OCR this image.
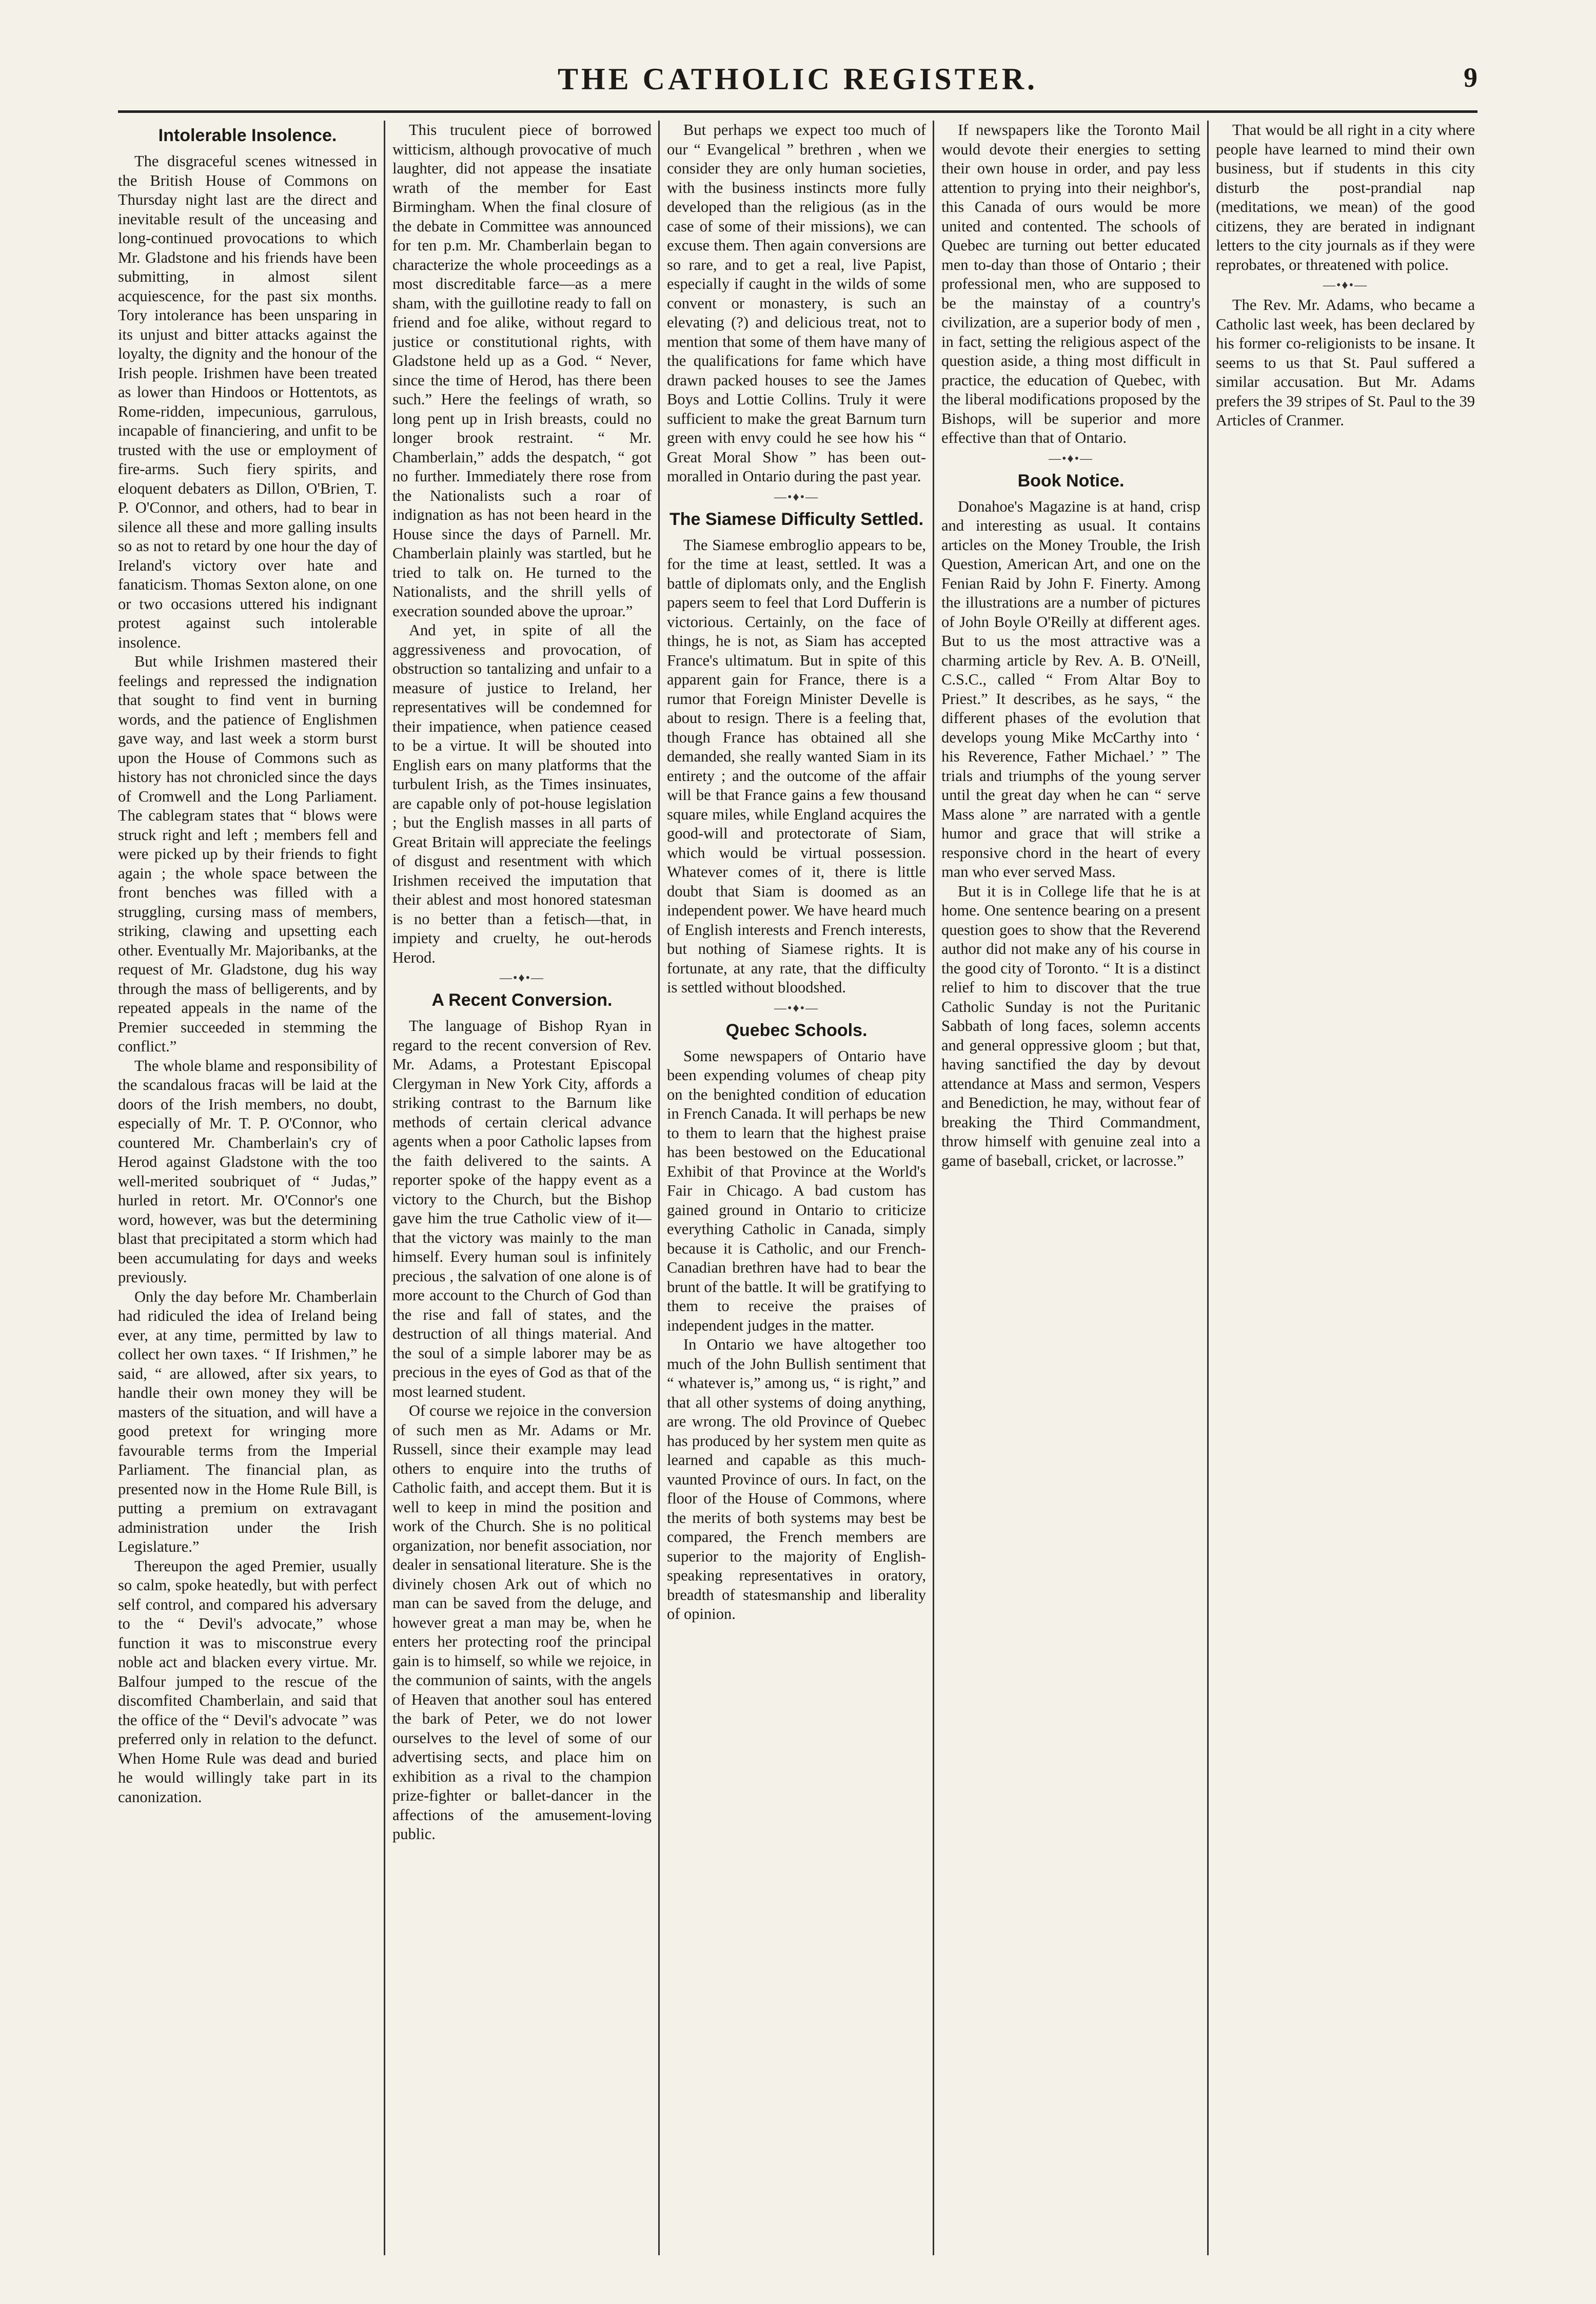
THE CATHOLIC REGISTER.	9
Intolerable Insolence.

The disgraceful scenes witnessed in the British House of Commons on Thursday night last are the direct and inevitable result of the unceasing and long-continued provocations to which Mr. Gladstone and his friends have been submitting, in almost silent acquiescence, for the past six months. Tory intolerance has been unsparing in its unjust and bitter attacks against the loyalty, the dignity and the honour of the Irish people. Irishmen have been treated as lower than Hindoos or Hottentots, as Rome-ridden, impecunious, garrulous, incapable of financiering, and unfit to be trusted with the use or employment of fire-arms. Such fiery spirits, and eloquent debaters as Dillon, O'Brien, T. P. O'Connor, and others, had to bear in silence all these and more galling insults so as not to retard by one hour the day of Ireland's victory over hate and fanaticism. Thomas Sexton alone, on one or two occasions uttered his indignant protest against such intolerable insolence.

But while Irishmen mastered their feelings and repressed the indignation that sought to find vent in burning words, and the patience of Englishmen gave way, and last week a storm burst upon the House of Commons such as history has not chronicled since the days of Cromwell and the Long Parliament. The cablegram states that “ blows were struck right and left ; members fell and were picked up by their friends to fight again ; the whole space between the front benches was filled with a struggling, cursing mass of members, striking, clawing and upsetting each other. Eventually Mr. Majoribanks, at the request of Mr. Gladstone, dug his way through the mass of belligerents, and by repeated appeals in the name of the Premier succeeded in stemming the conflict.”

The whole blame and responsibility of the scandalous fracas will be laid at the doors of the Irish members, no doubt, especially of Mr. T. P. O'Connor, who countered Mr. Chamberlain's cry of Herod against Gladstone with the too well-merited soubriquet of “ Judas,” hurled in retort. Mr. O'Connor's one word, however, was but the determining blast that precipitated a storm which had been accumulating for days and weeks previously.

Only the day before Mr. Chamberlain had ridiculed the idea of Ireland being ever, at any time, permitted by law to collect her own taxes. “ If Irishmen,” he said, “ are allowed, after six years, to handle their own money they will be masters of the situation, and will have a good pretext for wringing more favourable terms from the Imperial Parliament. The financial plan, as presented now in the Home Rule Bill, is putting a premium on extravagant administration under the Irish Legislature.”

Thereupon the aged Premier, usually so calm, spoke heatedly, but with perfect self control, and compared his adversary to the “ Devil's advocate,” whose function it was to misconstrue every noble act and blacken every virtue. Mr. Balfour jumped to the rescue of the discomfited Chamberlain, and said that the office of the “ Devil's advocate ” was preferred only in relation to the defunct. When Home Rule was dead and buried he would willingly take part in its canonization.

This truculent piece of borrowed witticism, although provocative of much laughter, did not appease the insatiate wrath of the member for East Birmingham. When the final closure of the debate in Committee was announced for ten p.m. Mr. Chamberlain began to characterize the whole proceedings as a most discreditable farce—as a mere sham, with the guillotine ready to fall on friend and foe alike, without regard to justice or constitutional rights, with Gladstone held up as a God. “ Never, since the time of Herod, has there been such.” Here the feelings of wrath, so long pent up in Irish breasts, could no longer brook restraint. “ Mr. Chamberlain,” adds the despatch, “ got no further. Immediately there rose from the Nationalists such a roar of indignation as has not been heard in the House since the days of Parnell. Mr. Chamberlain plainly was startled, but he tried to talk on. He turned to the Nationalists, and the shrill yells of execration sounded above the uproar.”

And yet, in spite of all the aggressiveness and provocation, of obstruction so tantalizing and unfair to a measure of justice to Ireland, her representatives will be condemned for their impatience, when patience ceased to be a virtue. It will be shouted into English ears on many platforms that the turbulent Irish, as the Times insinuates, are capable only of pot-house legislation ; but the English masses in all parts of Great Britain will appreciate the feelings of disgust and resentment with which Irishmen received the imputation that their ablest and most honored statesman is no better than a fetisch—that, in impiety and cruelty, he out-herods Herod.

—•♦•—
A Recent Conversion.

The language of Bishop Ryan in regard to the recent conversion of Rev. Mr. Adams, a Protestant Episcopal Clergyman in New York City, affords a striking contrast to the Barnum like methods of certain clerical advance agents when a poor Catholic lapses from the faith delivered to the saints. A reporter spoke of the happy event as a victory to the Church, but the Bishop gave him the true Catholic view of it—that the victory was mainly to the man himself. Every human soul is infinitely precious , the salvation of one alone is of more account to the Church of God than the rise and fall of states, and the destruction of all things material. And the soul of a simple laborer may be as precious in the eyes of God as that of the most learned student.

Of course we rejoice in the conversion of such men as Mr. Adams or Mr. Russell, since their example may lead others to enquire into the truths of Catholic faith, and accept them. But it is well to keep in mind the position and work of the Church. She is no political organization, nor benefit association, nor dealer in sensational literature. She is the divinely chosen Ark out of which no man can be saved from the deluge, and however great a man may be, when he enters her protecting roof the principal gain is to himself, so while we rejoice, in the communion of saints, with the angels of Heaven that another soul has entered the bark of Peter, we do not lower ourselves to the level of some of our advertising sects, and place him on exhibition as a rival to the champion prize-fighter or ballet-dancer in the affections of the amusement-loving public.

But perhaps we expect too much of our “ Evangelical ” brethren , when we consider they are only human societies, with the business instincts more fully developed than the religious (as in the case of some of their missions), we can excuse them. Then again conversions are so rare, and to get a real, live Papist, especially if caught in the wilds of some convent or monastery, is such an elevating (?) and delicious treat, not to mention that some of them have many of the qualifications for fame which have drawn packed houses to see the James Boys and Lottie Collins. Truly it were sufficient to make the great Barnum turn green with envy could he see how his “ Great Moral Show ” has been out-moralled in Ontario during the past year.

—•♦•—
The Siamese Difficulty Settled.

The Siamese embroglio appears to be, for the time at least, settled. It was a battle of diplomats only, and the English papers seem to feel that Lord Dufferin is victorious. Certainly, on the face of things, he is not, as Siam has accepted France's ultimatum. But in spite of this apparent gain for France, there is a rumor that Foreign Minister Develle is about to resign. There is a feeling that, though France has obtained all she demanded, she really wanted Siam in its entirety ; and the outcome of the affair will be that France gains a few thousand square miles, while England acquires the good-will and protectorate of Siam, which would be virtual possession. Whatever comes of it, there is little doubt that Siam is doomed as an independent power. We have heard much of English interests and French interests, but nothing of Siamese rights. It is fortunate, at any rate, that the difficulty is settled without bloodshed.

—•♦•—
Quebec Schools.

Some newspapers of Ontario have been expending volumes of cheap pity on the benighted condition of education in French Canada. It will perhaps be new to them to learn that the highest praise has been bestowed on the Educational Exhibit of that Province at the World's Fair in Chicago. A bad custom has gained ground in Ontario to criticize everything Catholic in Canada, simply because it is Catholic, and our French-Canadian brethren have had to bear the brunt of the battle. It will be gratifying to them to receive the praises of independent judges in the matter.

In Ontario we have altogether too much of the John Bullish sentiment that “ whatever is,” among us, “ is right,” and that all other systems of doing anything, are wrong. The old Province of Quebec has produced by her system men quite as learned and capable as this much-vaunted Province of ours. In fact, on the floor of the House of Commons, where the merits of both systems may best be compared, the French members are superior to the majority of English-speaking representatives in oratory, breadth of statesmanship and liberality of opinion.

If newspapers like the Toronto Mail would devote their energies to setting their own house in order, and pay less attention to prying into their neighbor's, this Canada of ours would be more united and contented. The schools of Quebec are turning out better educated men to-day than those of Ontario ; their professional men, who are supposed to be the mainstay of a country's civilization, are a superior body of men , in fact, setting the religious aspect of the question aside, a thing most difficult in practice, the education of Quebec, with the liberal modifications proposed by the Bishops, will be superior and more effective than that of Ontario.

—•♦•—
Book Notice.

Donahoe's Magazine is at hand, crisp and interesting as usual. It contains articles on the Money Trouble, the Irish Question, American Art, and one on the Fenian Raid by John F. Finerty. Among the illustrations are a number of pictures of John Boyle O'Reilly at different ages. But to us the most attractive was a charming article by Rev. A. B. O'Neill, C.S.C., called “ From Altar Boy to Priest.” It describes, as he says, “ the different phases of the evolution that develops young Mike McCarthy into ‘ his Reverence, Father Michael.’ ” The trials and triumphs of the young server until the great day when he can “ serve Mass alone ” are narrated with a gentle humor and grace that will strike a responsive chord in the heart of every man who ever served Mass.

But it is in College life that he is at home. One sentence bearing on a present question goes to show that the Reverend author did not make any of his course in the good city of Toronto. “ It is a distinct relief to him to discover that the true Catholic Sunday is not the Puritanic Sabbath of long faces, solemn accents and general oppressive gloom ; but that, having sanctified the day by devout attendance at Mass and sermon, Vespers and Benediction, he may, without fear of breaking the Third Commandment, throw himself with genuine zeal into a game of baseball, cricket, or lacrosse.”

That would be all right in a city where people have learned to mind their own business, but if students in this city disturb the post-prandial nap (meditations, we mean) of the good citizens, they are berated in indignant letters to the city journals as if they were reprobates, or threatened with police.

—•♦•—

The Rev. Mr. Adams, who became a Catholic last week, has been declared by his former co-religionists to be insane. It seems to us that St. Paul suffered a similar accusation. But Mr. Adams prefers the 39 stripes of St. Paul to the 39 Articles of Cranmer.
